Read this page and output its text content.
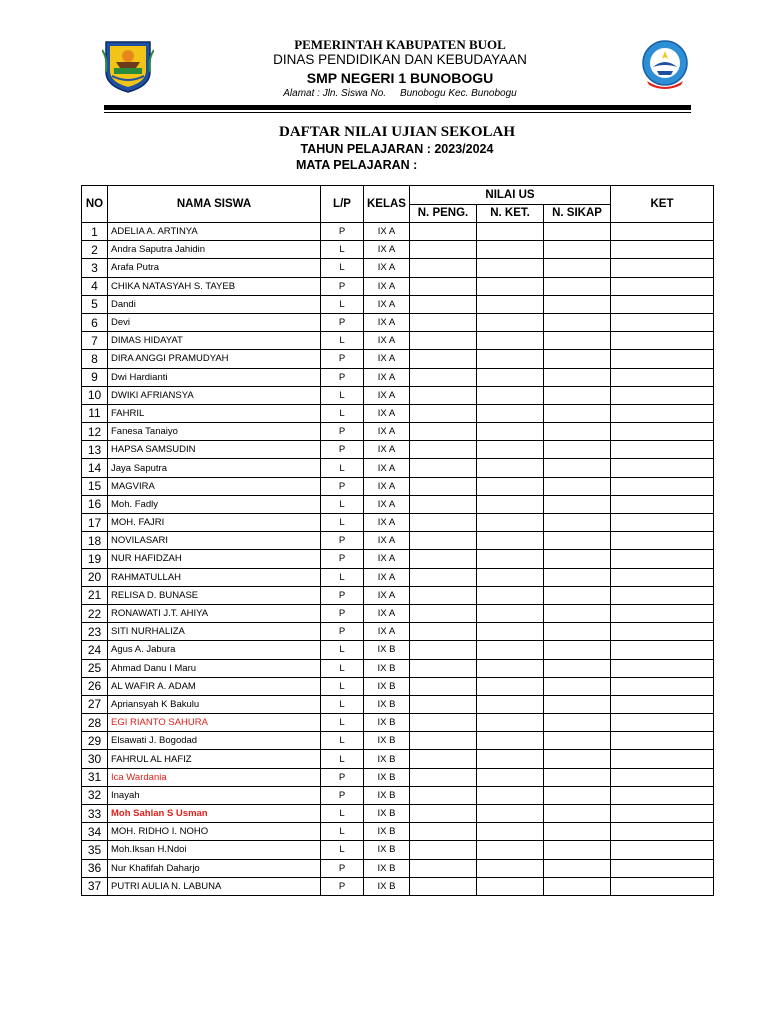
PEMERINTAH KABUPATEN BUOL
DINAS PENDIDIKAN DAN KEBUDAYAAN
SMP NEGERI 1 BUNOBOGU
Alamat : Jln. Siswa No.     Bunobogu Kec. Bunobogu
DAFTAR NILAI UJIAN SEKOLAH
TAHUN PELAJARAN : 2023/2024
MATA PELAJARAN :
NO	NAMA SISWA	L/P	KELAS	NILAI US			KET
				N. PENG.	N. KET.	N. SIKAP	
1	ADELIA A. ARTINYA	P	IX A				
2	Andra Saputra Jahidin	L	IX A				
3	Arafa Putra	L	IX A				
4	CHIKA NATASYAH S. TAYEB	P	IX A				
5	Dandi	L	IX A				
6	Devi	P	IX A				
7	DIMAS HIDAYAT	L	IX A				
8	DIRA ANGGI PRAMUDYAH	P	IX A				
9	Dwi Hardianti	P	IX A				
10	DWIKI AFRIANSYA	L	IX A				
11	FAHRIL	L	IX A				
12	Fanesa Tanaiyo	P	IX A				
13	HAPSA SAMSUDIN	P	IX A				
14	Jaya Saputra	L	IX A				
15	MAGVIRA	P	IX A				
16	Moh. Fadly	L	IX A				
17	MOH. FAJRI	L	IX A				
18	NOVILASARI	P	IX A				
19	NUR HAFIDZAH	P	IX A				
20	RAHMATULLAH	L	IX A				
21	RELISA D. BUNASE	P	IX A				
22	RONAWATI J.T. AHIYA	P	IX A				
23	SITI NURHALIZA	P	IX A				
24	Agus A. Jabura	L	IX B				
25	Ahmad Danu I Maru	L	IX B				
26	AL WAFIR A. ADAM	L	IX B				
27	Apriansyah K Bakulu	L	IX B				
28	EGI RIANTO SAHURA	L	IX B				
29	Elsawati J. Bogodad	L	IX B				
30	FAHRUL AL HAFIZ	L	IX B				
31	Ica Wardania	P	IX B				
32	Inayah	P	IX B				
33	Moh Sahlan S Usman	L	IX B				
34	MOH. RIDHO I. NOHO	L	IX B				
35	Moh.Iksan H.Ndoi	L	IX B				
36	Nur Khafifah Daharjo	P	IX B				
37	PUTRI AULIA N. LABUNA	P	IX B				
